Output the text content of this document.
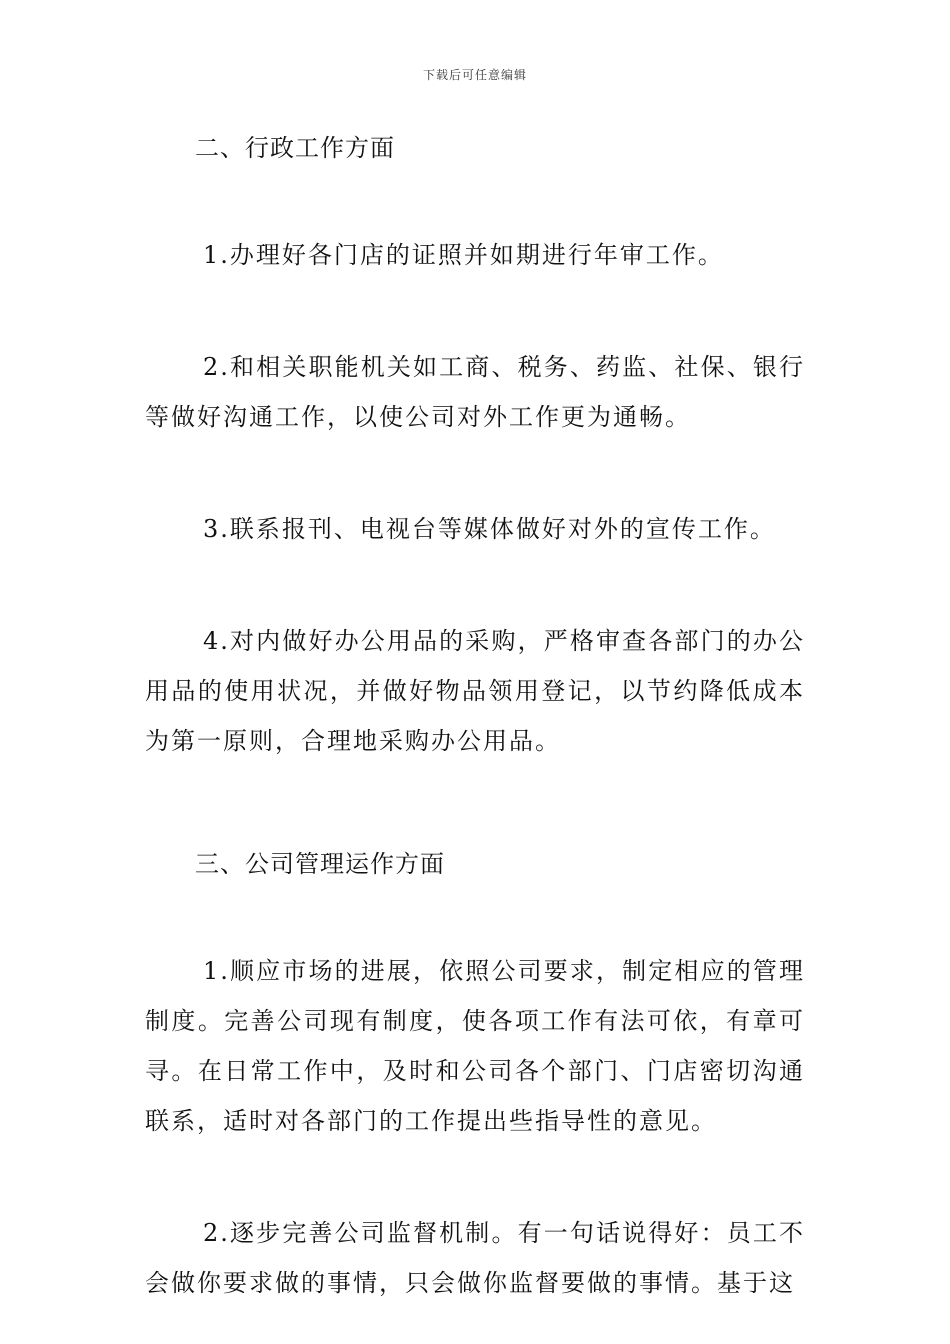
下载后可任意编辑

二、行政工作方面

1.办理好各门店的证照并如期进行年审工作。

2.和相关职能机关如工商、税务、药监、社保、银行等做好沟通工作，以使公司对外工作更为通畅。

3.联系报刊、电视台等媒体做好对外的宣传工作。

4.对内做好办公用品的采购，严格审查各部门的办公用品的使用状况，并做好物品领用登记，以节约降低成本为第一原则，合理地采购办公用品。

三、公司管理运作方面

1.顺应市场的进展，依照公司要求，制定相应的管理制度。完善公司现有制度，使各项工作有法可依，有章可寻。在日常工作中，及时和公司各个部门、门店密切沟通联系，适时对各部门的工作提出些指导性的意见。

2.逐步完善公司监督机制。有一句话说得好：员工不会做你要求做的事情，只会做你监督要做的事情。基于这
